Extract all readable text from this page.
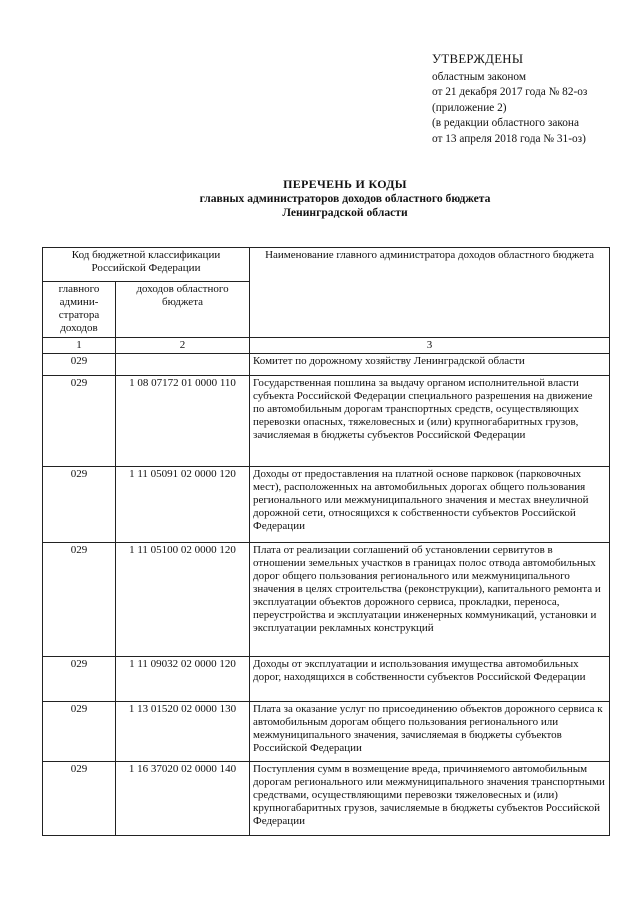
УТВЕРЖДЕНЫ
областным законом
от 21 декабря 2017 года № 82-оз
(приложение 2)
(в редакции областного закона
от 13 апреля 2018 года № 31-оз)
ПЕРЕЧЕНЬ И КОДЫ
главных администраторов доходов областного бюджета
Ленинградской области
Код бюджетной классификации Российской Федерации		Наименование главного администратора доходов областного бюджета
главного админи-стратора доходов	доходов областного бюджета	
1	2	3
029		Комитет по дорожному хозяйству Ленинградской области
029	1 08 07172 01 0000 110	Государственная пошлина за выдачу органом исполнительной власти субъекта Российской Федерации специального разрешения на движение по автомобильным дорогам транспортных средств, осуществляющих перевозки опасных, тяжеловесных и (или) крупногабаритных грузов, зачисляемая в бюджеты субъектов Российской Федерации
029	1 11 05091 02 0000 120	Доходы от предоставления на платной основе парковок (парковочных мест), расположенных на автомобильных дорогах общего пользования регионального или межмуниципального значения и местах внеуличной дорожной сети, относящихся к собственности субъектов Российской Федерации
029	1 11 05100 02 0000 120	Плата от реализации соглашений об установлении сервитутов в отношении земельных участков в границах полос отвода автомобильных дорог общего пользования регионального или межмуниципального значения в целях строительства (реконструкции), капитального ремонта и эксплуатации объектов дорожного сервиса, прокладки, переноса, переустройства и эксплуатации инженерных коммуникаций, установки и эксплуатации рекламных конструкций
029	1 11 09032 02 0000 120	Доходы от эксплуатации и использования имущества автомобильных дорог, находящихся в собственности субъектов Российской Федерации
029	1 13 01520 02 0000 130	Плата за оказание услуг по присоединению объектов дорожного сервиса к автомобильным дорогам общего пользования регионального или межмуниципального значения, зачисляемая в бюджеты субъектов Российской Федерации
029	1 16 37020 02 0000 140	Поступления сумм в возмещение вреда, причиняемого автомобильным дорогам регионального или межмуниципального значения транспортными средствами, осуществляющими перевозки тяжеловесных и (или) крупногабаритных грузов, зачисляемые в бюджеты субъектов Российской Федерации
